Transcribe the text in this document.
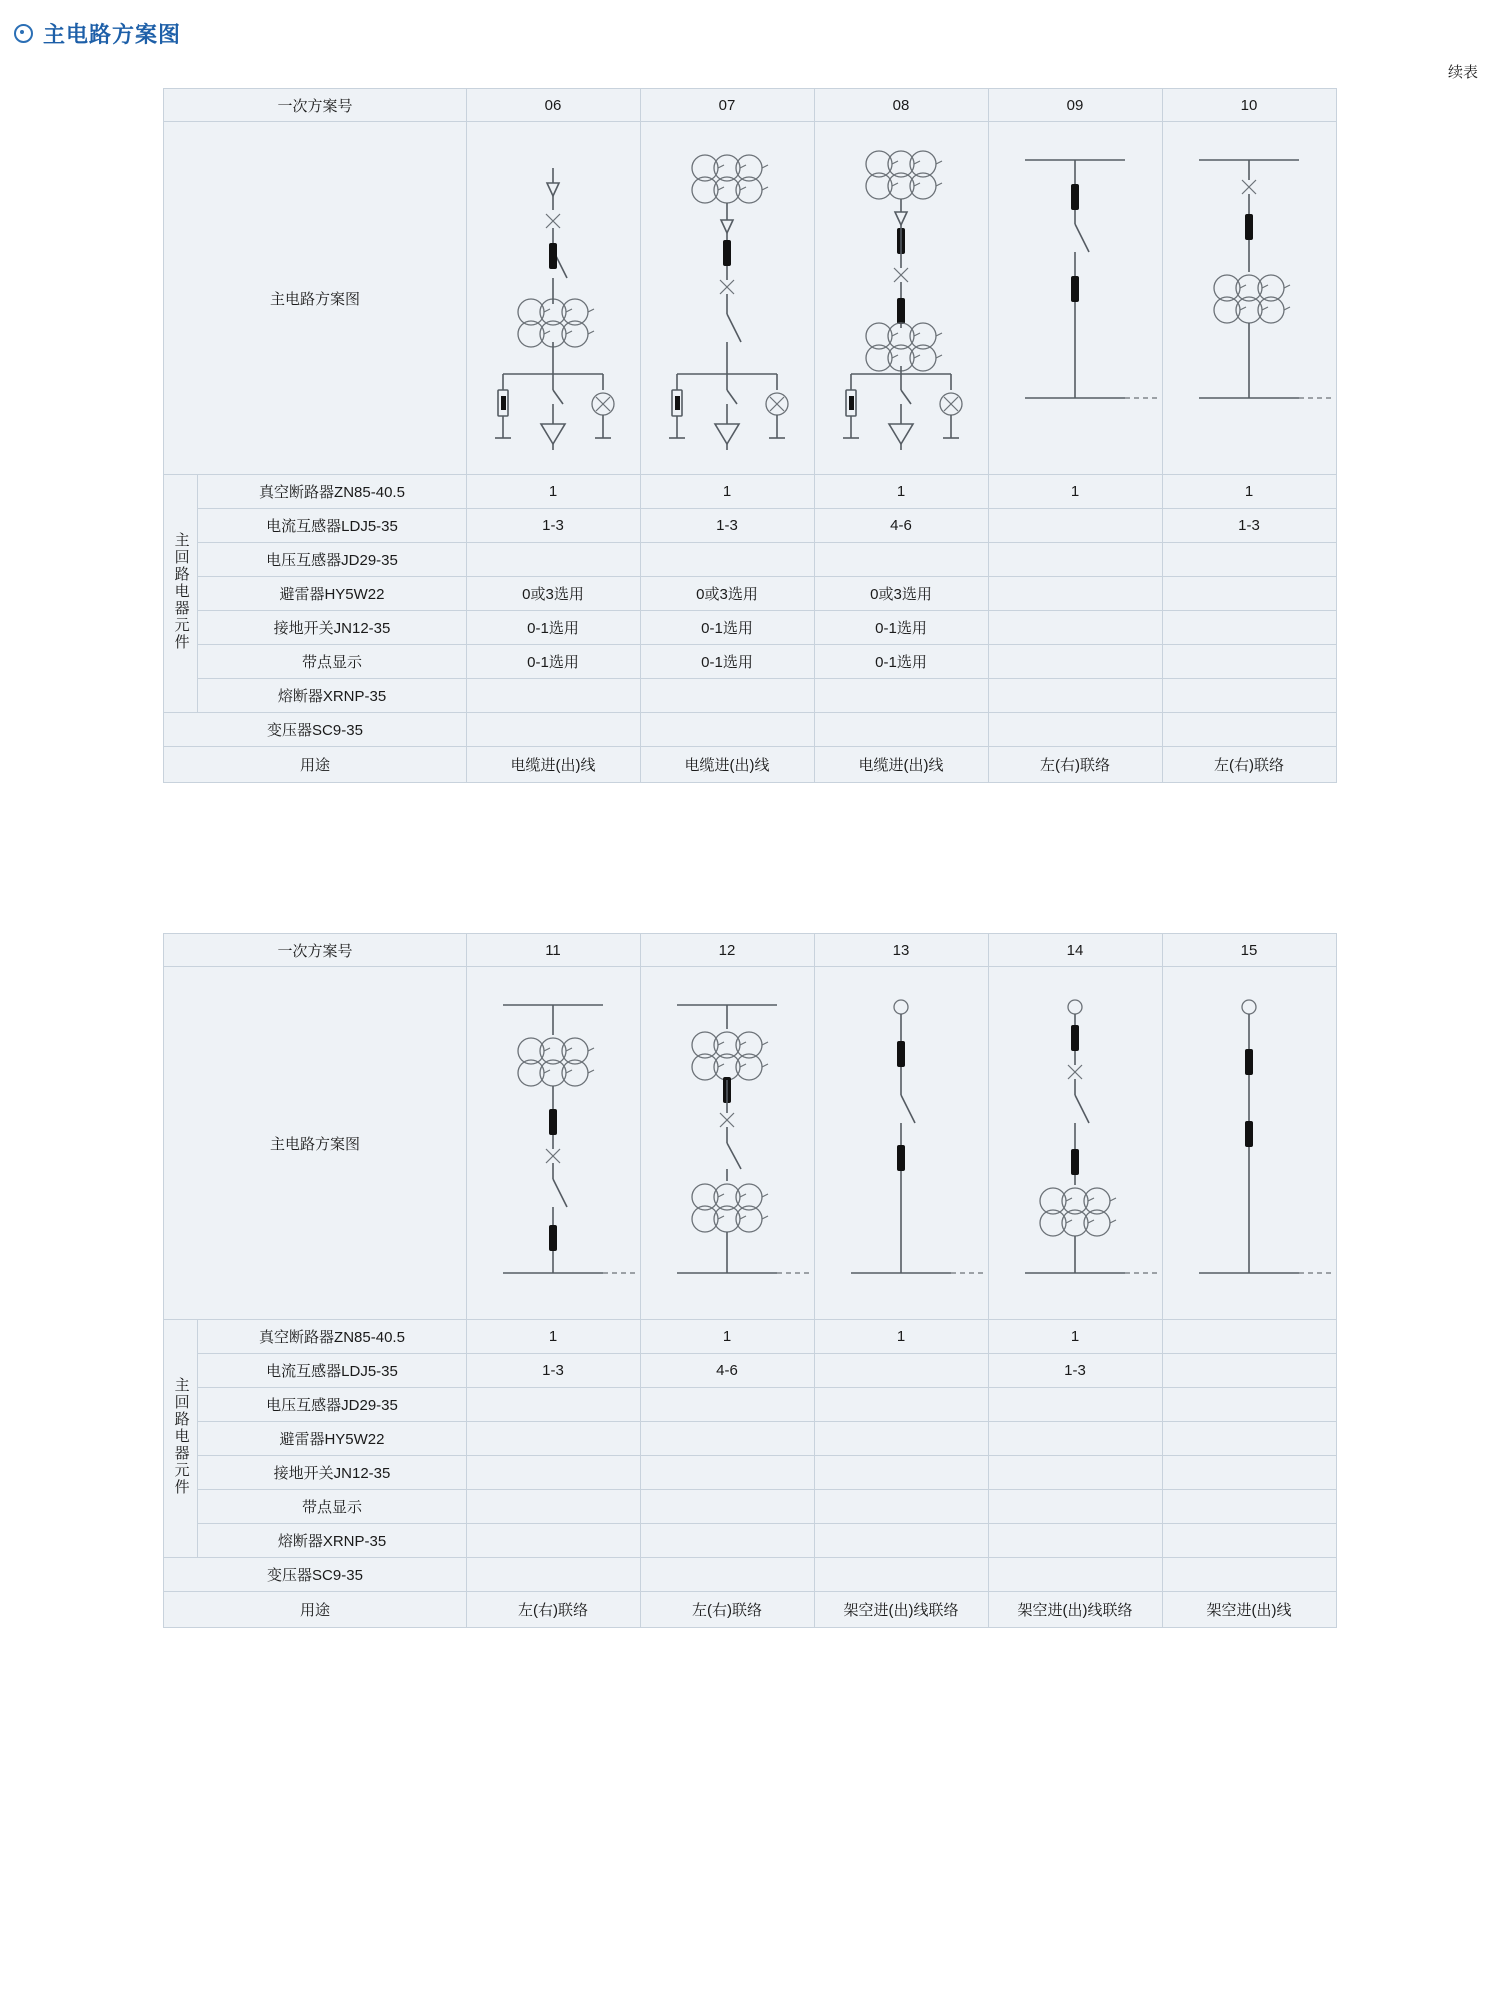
主电路方案图
续表
一次方案号		06	07	08	09	10
主电路方案图	

主回路电器元件	真空断路器ZN85-40.5	1	1	1	1	1
	电流互感器LDJ5-35	1-3	1-3	4-6		1-3
	电压互感器JD29-35					
	避雷器HY5W22	0或3选用	0或3选用	0或3选用		
	接地开关JN12-35	0-1选用	0-1选用	0-1选用		
	带点显示	0-1选用	0-1选用	0-1选用		
	熔断器XRNP-35					
变压器SC9-35						
用途		电缆进(出)线	电缆进(出)线	电缆进(出)线	左(右)联络	左(右)联络
一次方案号		11	12	13	14	15
主电路方案图	

主回路电器元件	真空断路器ZN85-40.5	1	1	1	1	
	电流互感器LDJ5-35	1-3	4-6		1-3	
	电压互感器JD29-35					
	避雷器HY5W22					
	接地开关JN12-35					
	带点显示					
	熔断器XRNP-35					
变压器SC9-35						
用途		左(右)联络	左(右)联络	架空进(出)线联络	架空进(出)线联络	架空进(出)线
